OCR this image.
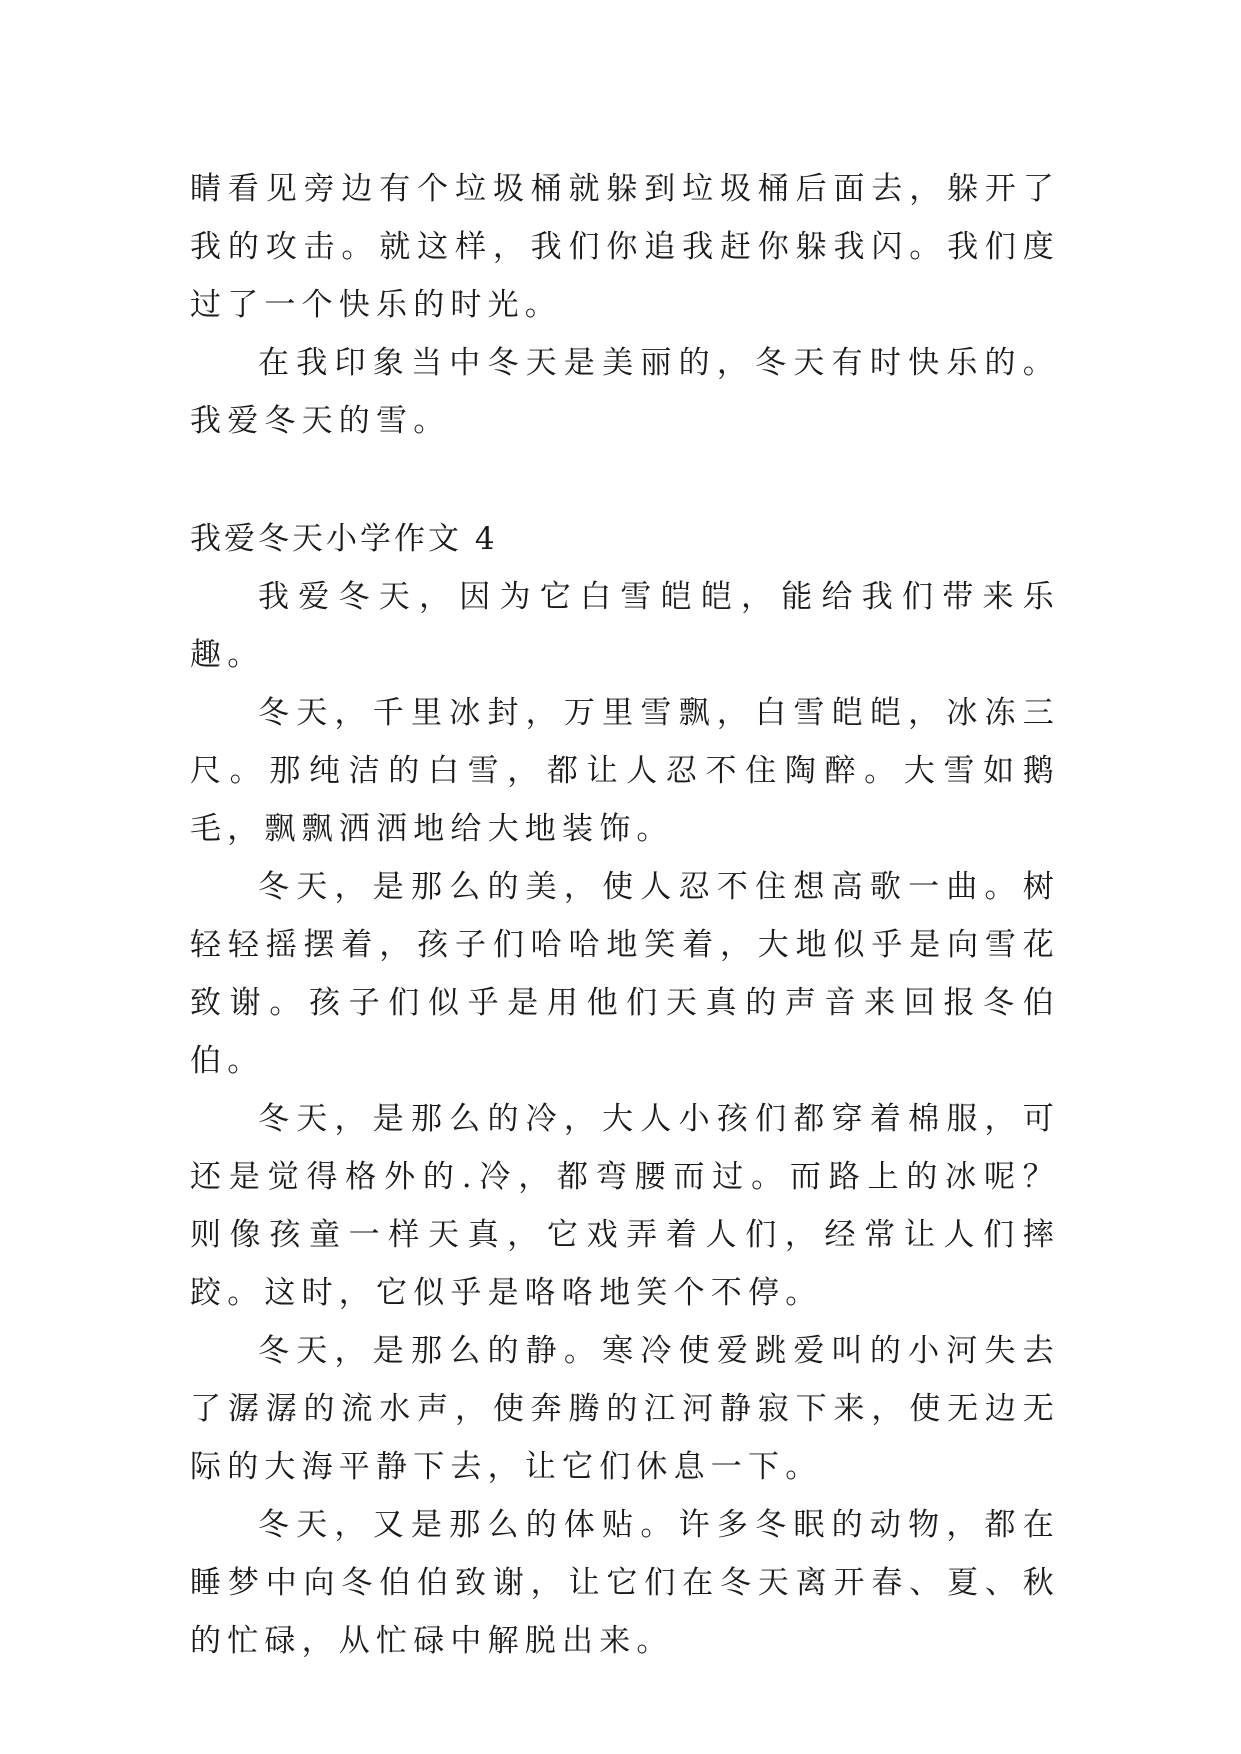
睛看见旁边有个垃圾桶就躲到垃圾桶后面去，躲开了我的攻击。就这样，我们你追我赶你躲我闪。我们度过了一个快乐的时光。

在我印象当中冬天是美丽的，冬天有时快乐的。我爱冬天的雪。

我爱冬天小学作文 4

我爱冬天，因为它白雪皑皑，能给我们带来乐趣。

冬天，千里冰封，万里雪飘，白雪皑皑，冰冻三尺。那纯洁的白雪，都让人忍不住陶醉。大雪如鹅毛，飘飘洒洒地给大地装饰。

冬天，是那么的美，使人忍不住想高歌一曲。树轻轻摇摆着，孩子们哈哈地笑着，大地似乎是向雪花致谢。孩子们似乎是用他们天真的声音来回报冬伯伯。

冬天，是那么的冷，大人小孩们都穿着棉服，可还是觉得格外的.冷，都弯腰而过。而路上的冰呢？则像孩童一样天真，它戏弄着人们，经常让人们摔跤。这时，它似乎是咯咯地笑个不停。

冬天，是那么的静。寒冷使爱跳爱叫的小河失去了潺潺的流水声，使奔腾的江河静寂下来，使无边无际的大海平静下去，让它们休息一下。

冬天，又是那么的体贴。许多冬眠的动物，都在睡梦中向冬伯伯致谢，让它们在冬天离开春、夏、秋的忙碌，从忙碌中解脱出来。
